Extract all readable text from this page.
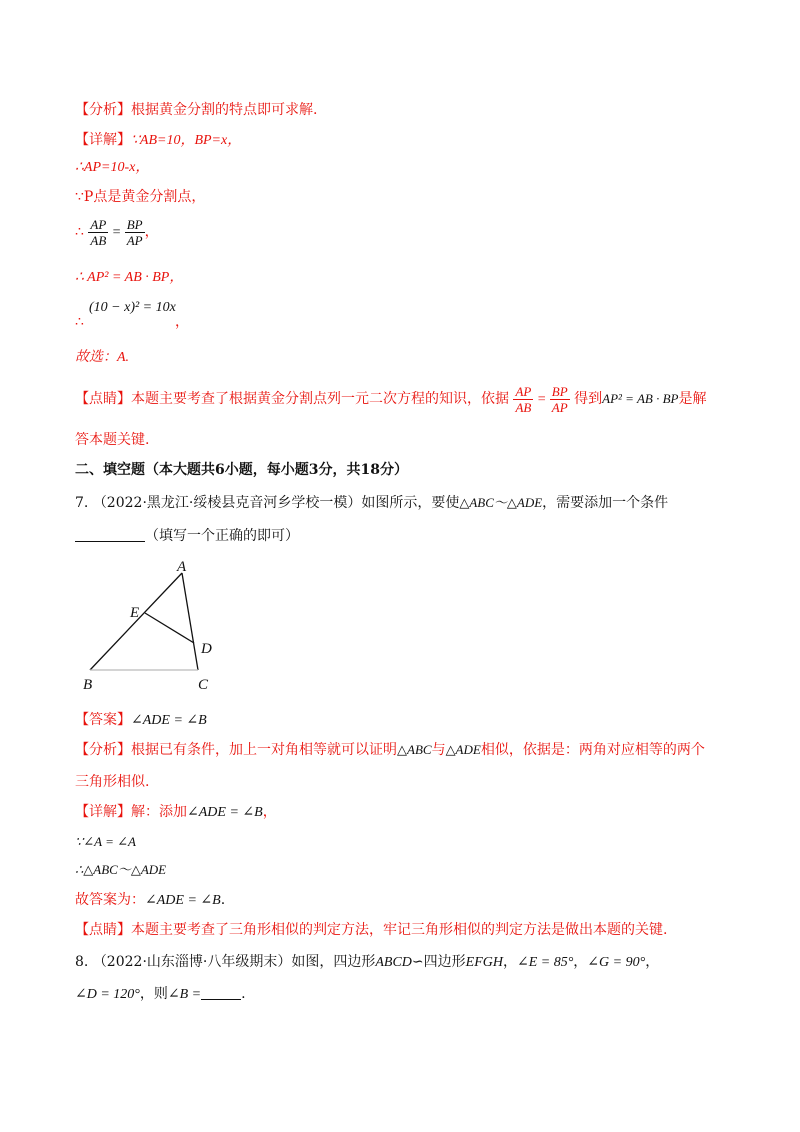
【分析】根据黄金分割的特点即可求解.
【详解】∵AB=10，BP=x，
∴AP=10-x，
∵P点是黄金分割点，
∴ $\frac{AP}{AB} = \frac{BP}{AP}$ ，
∴ AP² = AB · BP，
(10 − x)² = 10x
∴	，
故选：A.
【点睛】本题主要考查了根据黄金分割点列一元二次方程的知识，依据 $\frac{AP}{AB} = \frac{BP}{AP}$ 得到AP² = AB · BP是解
答本题关键.
二、填空题（本大题共6小题，每小题3分，共18分）
7. （2022·黑龙江·绥棱县克音河乡学校一模）如图所示，要使△ABC～△ADE，需要添加一个条件
（填写一个正确的即可）
A
E
D
B	C
【答案】∠ADE = ∠B
【分析】根据已有条件，加上一对角相等就可以证明△ABC与△ADE相似，依据是：两角对应相等的两个
三角形相似.
【详解】解：添加∠ADE = ∠B，
∵∠A = ∠A
∴△ABC～△ADE
故答案为：∠ADE = ∠B.
【点睛】本题主要考查了三角形相似的判定方法，牢记三角形相似的判定方法是做出本题的关键.
8. （2022·山东淄博·八年级期末）如图，四边形ABCD∽四边形EFGH，∠E = 85°，∠G = 90°，
∠D = 120°，则∠B =	.
